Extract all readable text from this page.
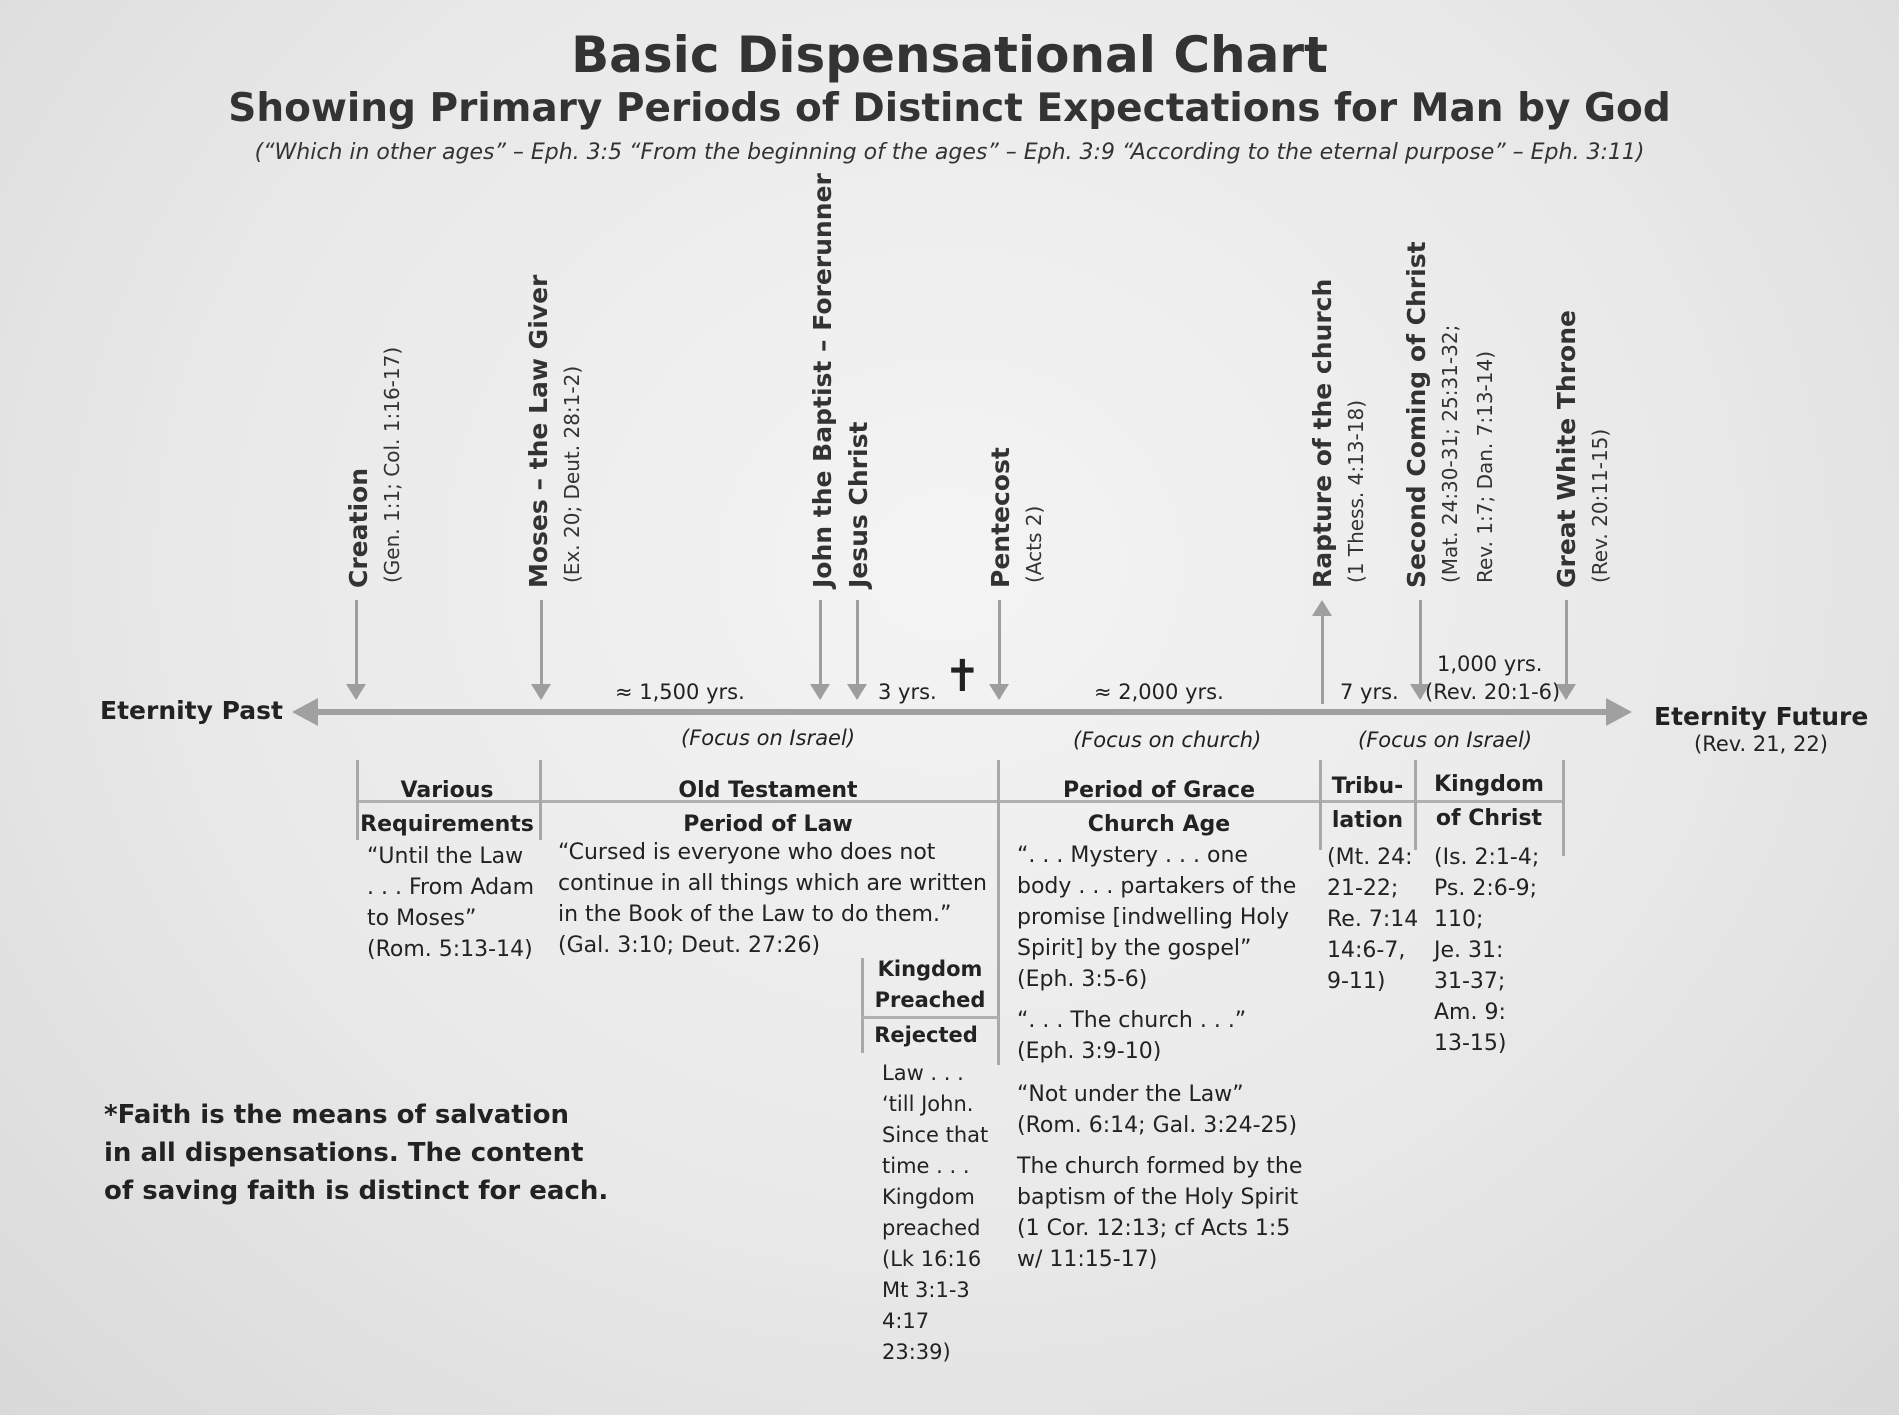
Basic Dispensational Chart
Showing Primary Periods of Distinct Expectations for Man by God
(“Which in other ages” – Eph. 3:5 “From the beginning of the ages” – Eph. 3:9 “According to the eternal purpose” – Eph. 3:11)
Creation (Gen. 1:1; Col. 1:16-17)	Moses – the Law Giver (Ex. 20; Deut. 28:1-2)	John the Baptist – Forerunner Jesus Christ	Pentecost (Acts 2)	Rapture of the church (1 Thess. 4:13-18) Second Coming of Christ (Mat. 24:30-31; 25:31-32; Rev. 1:7; Dan. 7:13-14) Great White Throne (Rev. 20:11-15)
Eternity Past	Eternity Future
(Rev. 21, 22)
≈ 1,500 yrs.	3 yrs. ✝	≈ 2,000 yrs.	7 yrs.
1,000 yrs.
(Rev. 20:1-6)
(Focus on Israel)	(Focus on church)	(Focus on Israel)
Various
Requirements
“Until the Law
. . . From Adam
to Moses”
(Rom. 5:13-14)
Old Testament
Period of Law
“Cursed is everyone who does not
continue in all things which are written
in the Book of the Law to do them.”
(Gal. 3:10; Deut. 27:26)
Kingdom
Preached
Rejected
Law . . .
‘till John.
Since that
time . . .
Kingdom
preached
(Lk 16:16
Mt 3:1-3
4:17
23:39)
Period of Grace
Church Age
“. . . Mystery . . . one
body . . . partakers of the
promise [indwelling Holy
Spirit] by the gospel”
(Eph. 3:5-6)
“. . . The church . . .”
(Eph. 3:9-10)
“Not under the Law”
(Rom. 6:14; Gal. 3:24-25)
The church formed by the
baptism of the Holy Spirit
(1 Cor. 12:13; cf Acts 1:5
w/ 11:15-17)
Tribu-
lation
(Mt. 24:
21-22;
Re. 7:14
14:6-7,
9-11)
Kingdom
of Christ
(Is. 2:1-4;
Ps. 2:6-9;
110;
Je. 31:
31-37;
Am. 9:
13-15)
*Faith is the means of salvation
in all dispensations. The content
of saving faith is distinct for each.
